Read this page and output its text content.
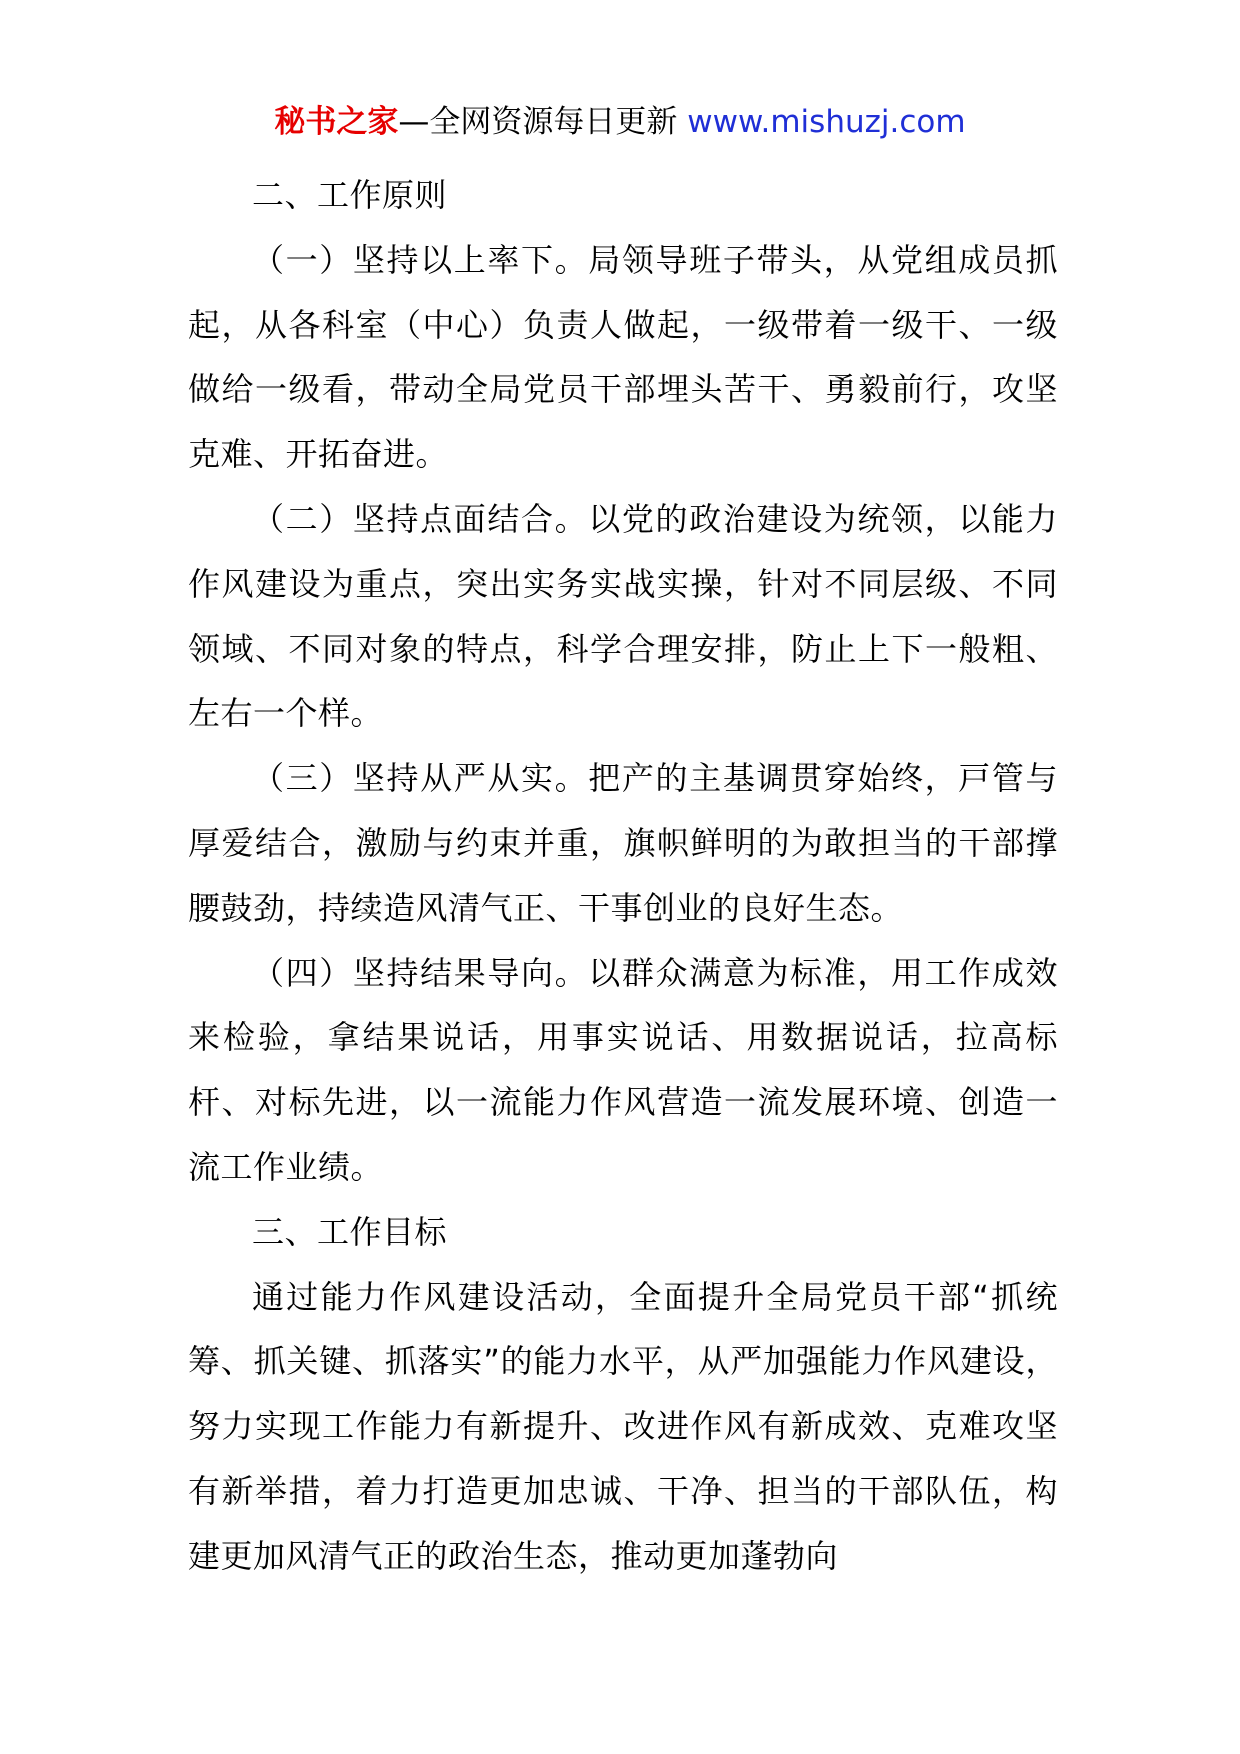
秘书之家—全网资源每日更新 www.mishuzj.com

二、工作原则

（一）坚持以上率下。局领导班子带头，从党组成员抓起，从各科室（中心）负责人做起，一级带着一级干、一级做给一级看，带动全局党员干部埋头苦干、勇毅前行，攻坚克难、开拓奋进。

（二）坚持点面结合。以党的政治建设为统领，以能力作风建设为重点，突出实务实战实操，针对不同层级、不同领域、不同对象的特点，科学合理安排，防止上下一般粗、左右一个样。

（三）坚持从严从实。把产的主基调贯穿始终，戸管与厚爱结合，激励与约束并重，旗帜鲜明的为敢担当的干部撑腰鼓劲，持续造风清气正、干事创业的良好生态。

（四）坚持结果导向。以群众满意为标准，用工作成效来检验，拿结果说话，用事实说话、用数据说话，拉高标杆、对标先进，以一流能力作风营造一流发展环境、创造一流工作业绩。

三、工作目标

通过能力作风建设活动，全面提升全局党员干部“抓统筹、抓关键、抓落实”的能力水平，从严加强能力作风建设，努力实现工作能力有新提升、改进作风有新成效、克难攻坚有新举措，着力打造更加忠诚、干净、担当的干部队伍，构建更加风清气正的政治生态，推动更加蓬勃向
